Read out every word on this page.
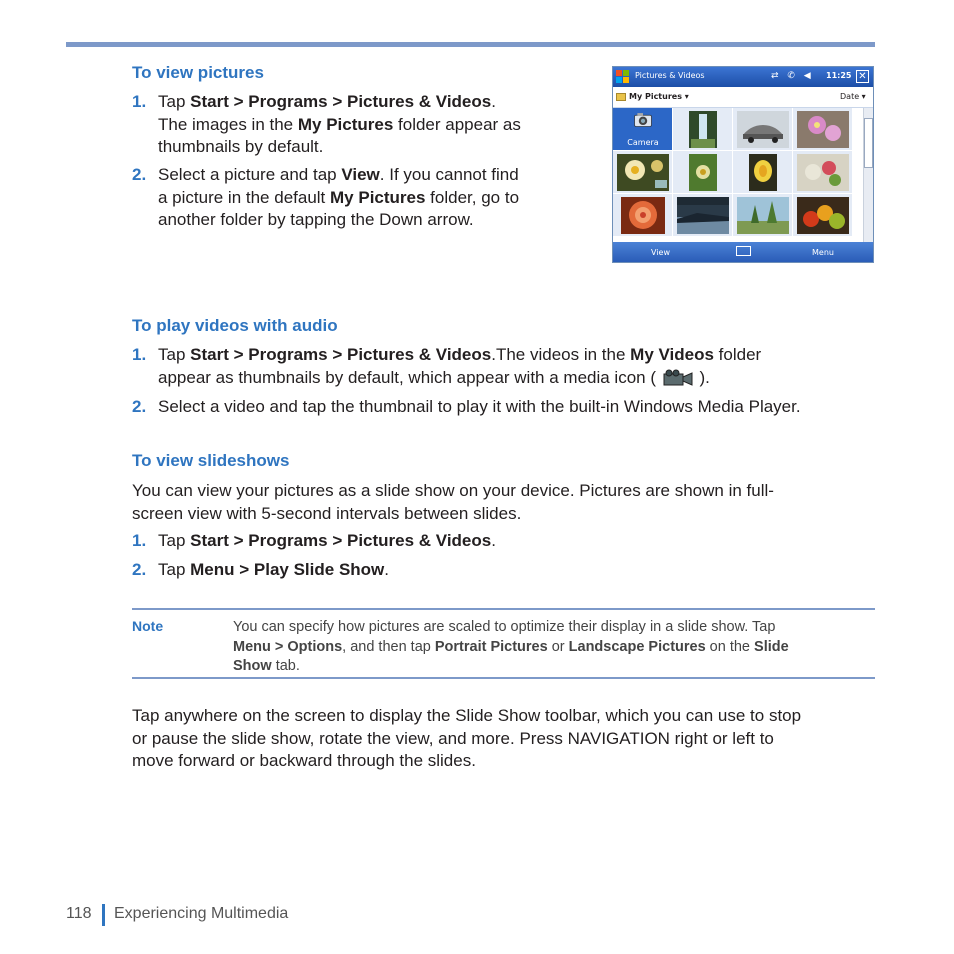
To view pictures
1. Tap Start > Programs > Pictures & Videos.
The images in the My Pictures folder appear as
thumbnails by default.
2. Select a picture and tap View. If you cannot find
a picture in the default My Pictures folder, go to
another folder by tapping the Down arrow.
Pictures & Videos	⇄ ✆ ◀ 11:25 ✕
My Pictures ▾	Date ▾
Camera
View	Menu
To play videos with audio
1. Tap Start > Programs > Pictures & Videos.The videos in the My Videos folder
appear as thumbnails by default, which appear with a media icon (  ).
2. Select a video and tap the thumbnail to play it with the built-in Windows Media Player.
To view slideshows
You can view your pictures as a slide show on your device. Pictures are shown in full-
screen view with 5-second intervals between slides.
1. Tap Start > Programs > Pictures & Videos.
2. Tap Menu > Play Slide Show.
Note	You can specify how pictures are scaled to optimize their display in a slide show. Tap
Menu > Options, and then tap Portrait Pictures or Landscape Pictures on the Slide
Show tab.
Tap anywhere on the screen to display the Slide Show toolbar, which you can use to stop
or pause the slide show, rotate the view, and more. Press NAVIGATION right or left to
move forward or backward through the slides.
118 Experiencing Multimedia
